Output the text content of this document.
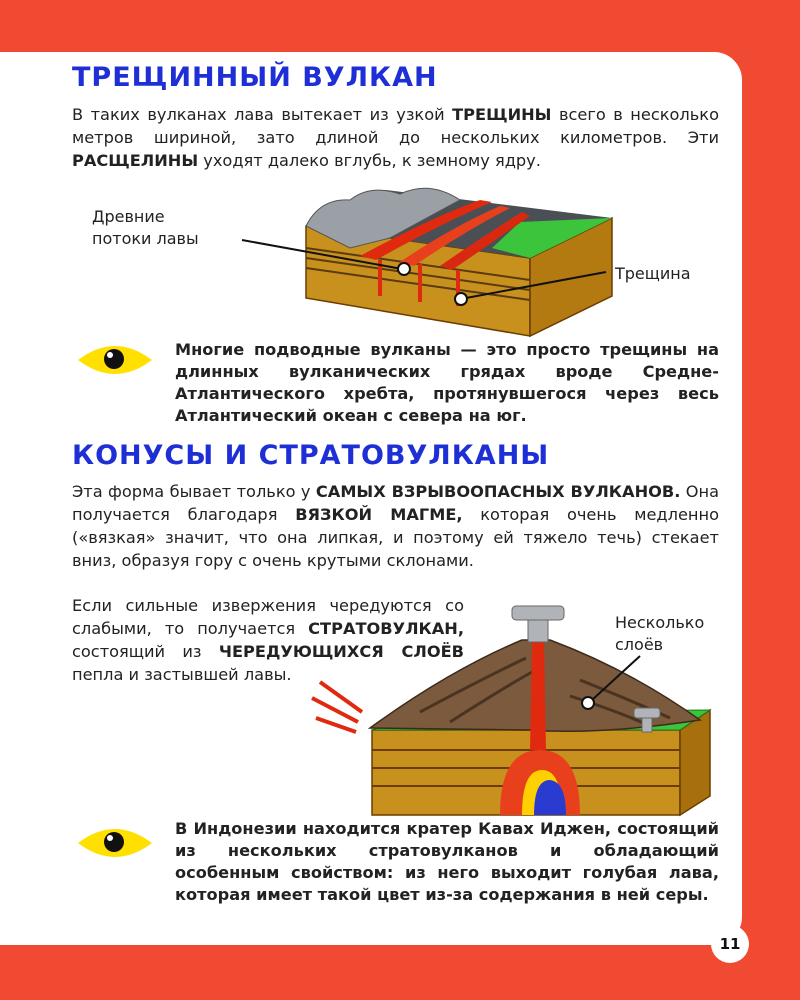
ТРЕЩИННЫЙ ВУЛКАН

В таких вулканах лава вытекает из узкой ТРЕЩИНЫ всего в несколько метров шириной, зато длиной до нескольких километров. Эти РАСЩЕЛИНЫ уходят далеко вглубь, к земному ядру.

Древние
потоки лавы
Трещина

Многие подводные вулканы — это просто трещины на длинных вулканических грядах вроде Средне-Атлантического хребта, протянувшегося через весь Атлантический океан с севера на юг.

КОНУСЫ И СТРАТОВУЛКАНЫ

Эта форма бывает только у САМЫХ ВЗРЫВООПАСНЫХ ВУЛКАНОВ. Она получается благодаря ВЯЗКОЙ МАГМЕ, которая очень медленно («вязкая» значит, что она липкая, и поэтому ей тяжело течь) стекает вниз, образуя гору с очень крутыми склонами.

Если сильные извержения чередуются со слабыми, то получается СТРАТОВУЛКАН, состоящий из ЧЕРЕДУЮЩИХСЯ СЛОЁВ пепла и застывшей лавы.

Несколько
слоёв

В Индонезии находится кратер Кавах Иджен, состоящий из нескольких стратовулканов и обладающий особенным свойством: из него выходит голубая лава, которая имеет такой цвет из-за содержания в ней серы.

11
